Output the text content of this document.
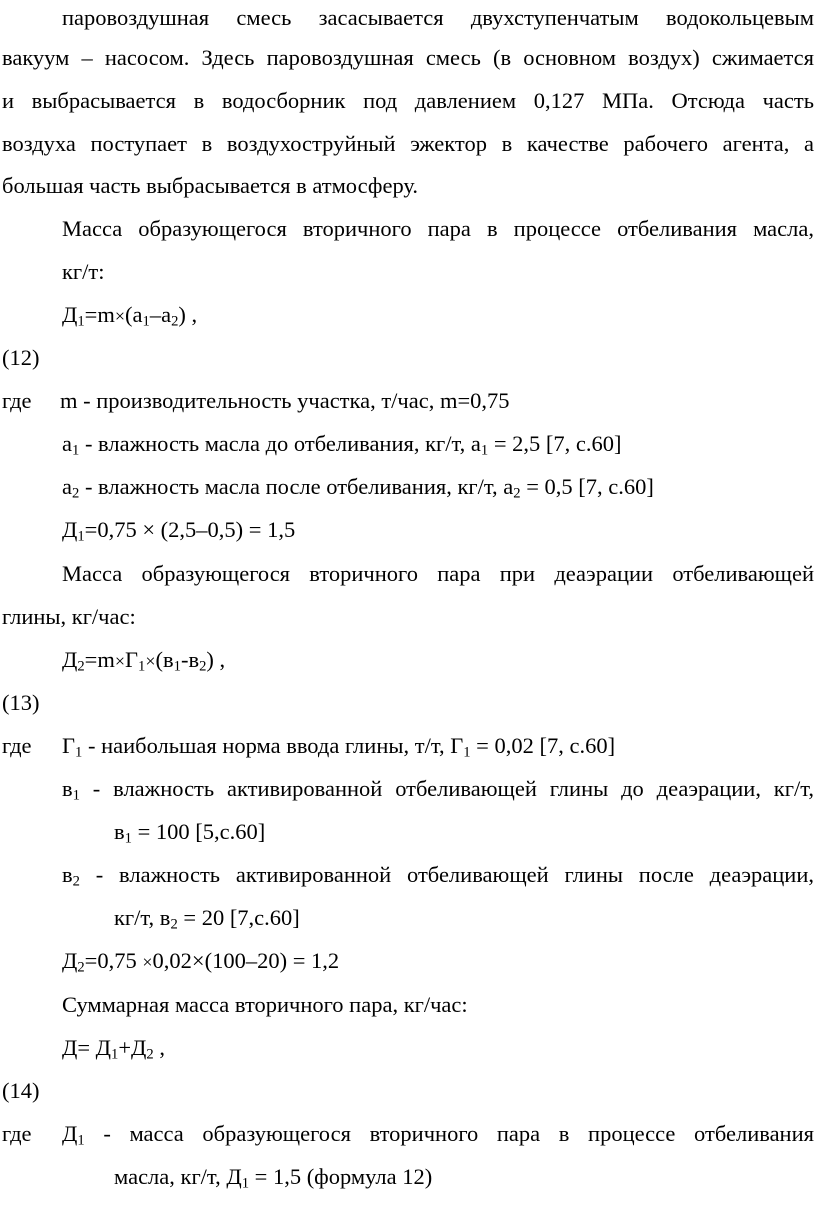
паровоздушная смесь засасывается двухступенчатым водокольцевым
вакуум – насосом. Здесь паровоздушная смесь (в основном воздух) сжимается
и выбрасывается в водосборник под давлением 0,127 МПа. Отсюда часть
воздуха поступает в воздухоструйный эжектор в качестве рабочего агента, а
большая часть выбрасывается в атмосферу.
Масса образующегося вторичного пара в процессе отбеливания масла,
кг/т:
$Д_1=m\times(а_1-а_2)$ ,
(12)
где m - производительность участка, т/час, m=0,75
$а_1$ - влажность масла до отбеливания, кг/т, $а_1 = 2,5$ [7, с.60]
$а_2$ - влажность масла после отбеливания, кг/т, $а_2 = 0,5$ [7, с.60]
$Д_1=0,75 \times (2,5-0,5) = 1,5$
Масса образующегося вторичного пара при деаэрации отбеливающей
глины, кг/час:
$Д_2=m\times Г_1\times(в_1-в_2)$ ,
(13)
где $Г_1$ - наибольшая норма ввода глины, т/т, $Г_1 = 0,02$ [7, с.60]
$в_1$ - влажность активированной отбеливающей глины до деаэрации, кг/т,
$в_1 = 100$ [5,с.60]
$в_2$ - влажность активированной отбеливающей глины после деаэрации,
кг/т, $в_2 = 20$ [7,с.60]
$Д_2=0,75 \times 0,02\times(100-20) = 1,2$
Суммарная масса вторичного пара, кг/час:
$Д= Д_1+Д_2$ ,
(14)
где $Д_1$ - масса образующегося вторичного пара в процессе отбеливания
масла, кг/т, $Д_1 = 1,5$ (формула 12)
